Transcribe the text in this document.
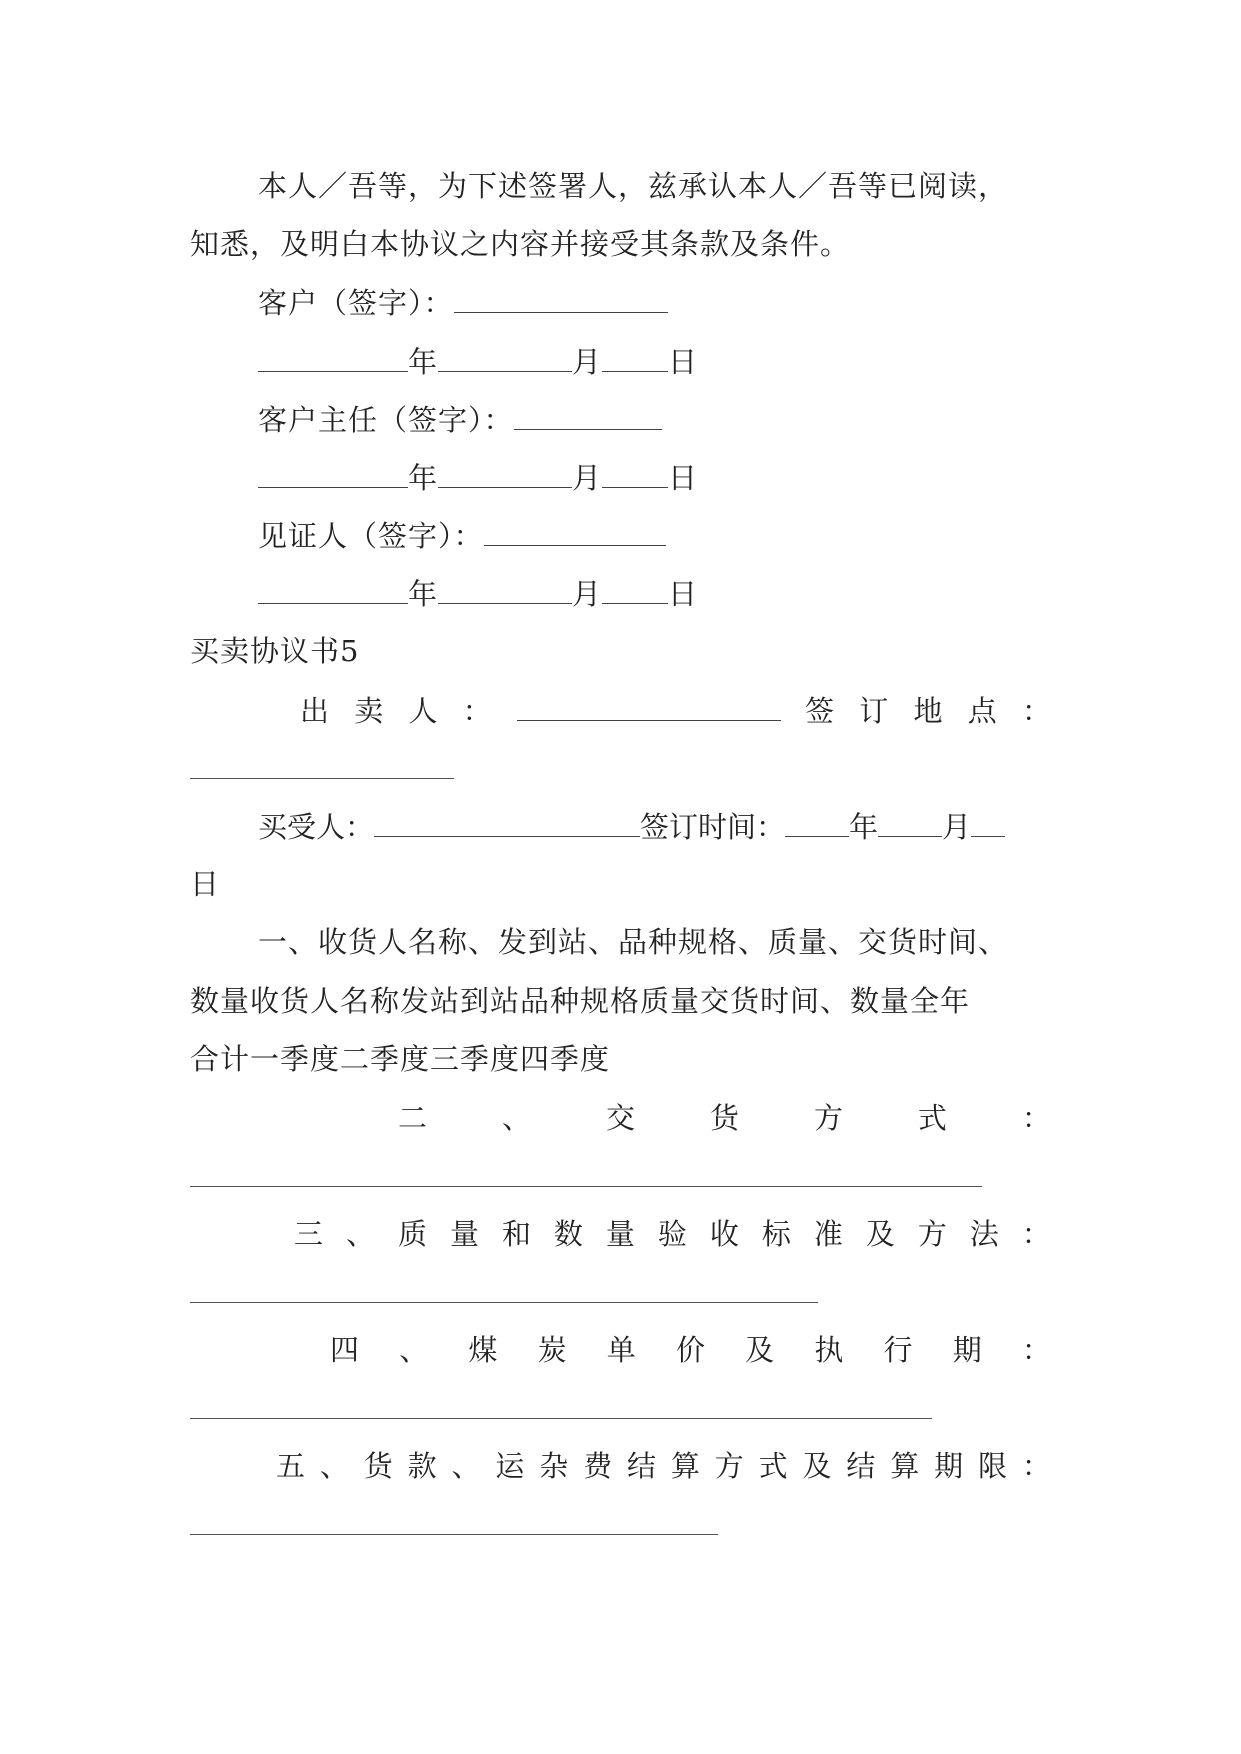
本人／吾等，为下述签署人，兹承认本人／吾等已阅读，
知悉，及明白本协议之内容并接受其条款及条件。
客户（签字）：
年	月 日
客户主任（签字）：
年	月 日
见证人（签字）：
年	月 日
买卖协议书5
出 卖 人 ：	签 订 地 点 ：
买受人：	签订时间： 年 月
日
一、收货人名称、发到站、品种规格、质量、交货时间、
数量收货人名称发站到站品种规格质量交货时间、数量全年
合计一季度二季度三季度四季度
二	、	交	货	方	式	：
三 、 质 量 和 数 量 验 收 标 准 及 方 法 ：
四 、 煤 炭 单 价 及 执 行 期 ：
五 、 货 款 、 运 杂 费 结 算 方 式 及 结 算 期 限 ：
